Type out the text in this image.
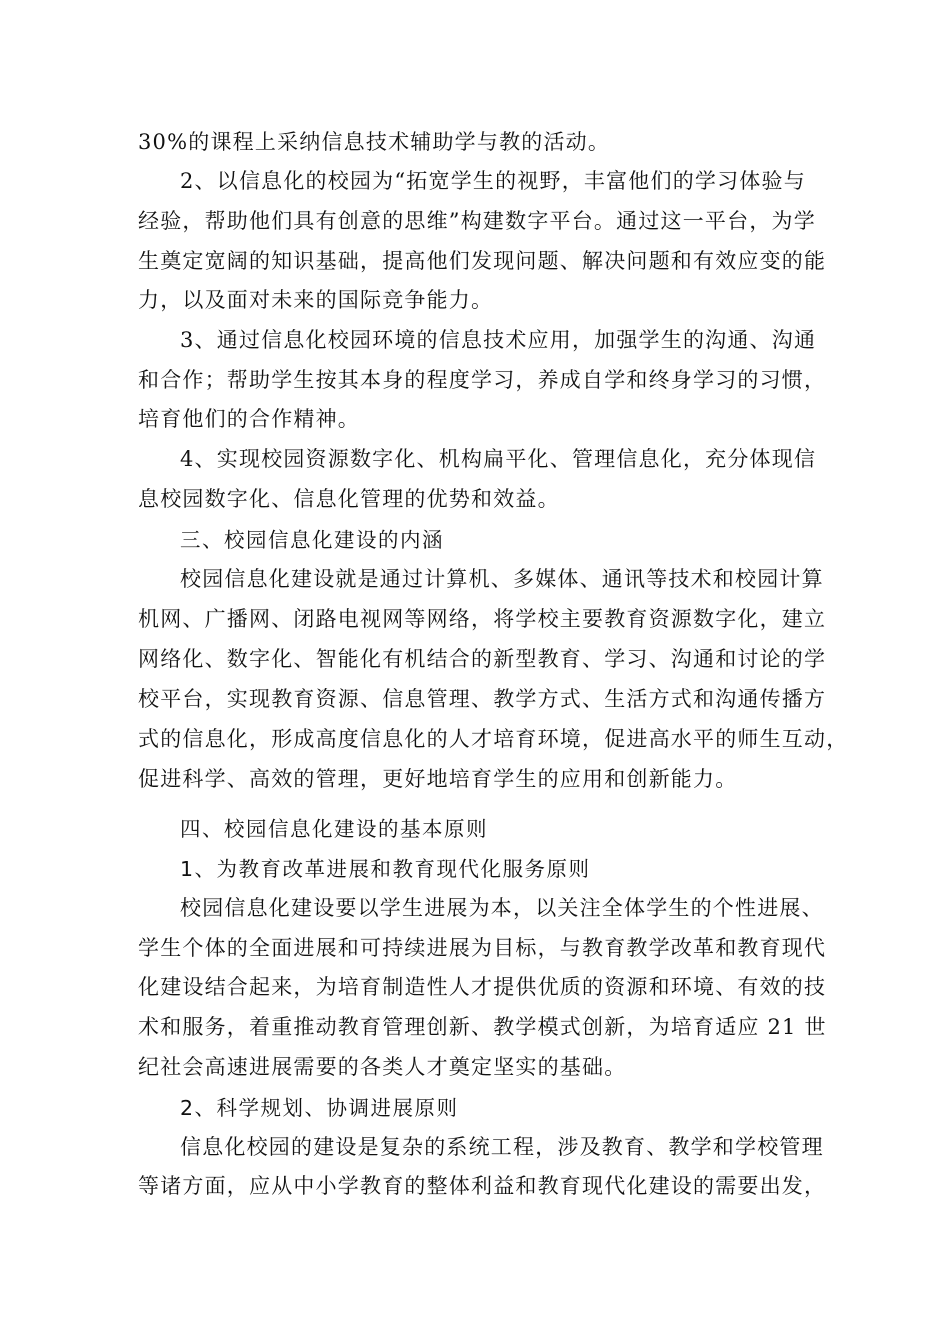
30%的课程上采纳信息技术辅助学与教的活动。
2、以信息化的校园为“拓宽学生的视野，丰富他们的学习体验与
经验，帮助他们具有创意的思维”构建数字平台。通过这一平台，为学
生奠定宽阔的知识基础，提高他们发现问题、解决问题和有效应变的能
力，以及面对未来的国际竞争能力。
3、通过信息化校园环境的信息技术应用，加强学生的沟通、沟通
和合作；帮助学生按其本身的程度学习，养成自学和终身学习的习惯，
培育他们的合作精神。
4、实现校园资源数字化、机构扁平化、管理信息化，充分体现信
息校园数字化、信息化管理的优势和效益。
三、校园信息化建设的内涵
校园信息化建设就是通过计算机、多媒体、通讯等技术和校园计算
机网、广播网、闭路电视网等网络，将学校主要教育资源数字化，建立
网络化、数字化、智能化有机结合的新型教育、学习、沟通和讨论的学
校平台，实现教育资源、信息管理、教学方式、生活方式和沟通传播方
式的信息化，形成高度信息化的人才培育环境，促进高水平的师生互动，
促进科学、高效的管理，更好地培育学生的应用和创新能力。
四、校园信息化建设的基本原则
1、为教育改革进展和教育现代化服务原则
校园信息化建设要以学生进展为本，以关注全体学生的个性进展、
学生个体的全面进展和可持续进展为目标，与教育教学改革和教育现代
化建设结合起来，为培育制造性人才提供优质的资源和环境、有效的技
术和服务，着重推动教育管理创新、教学模式创新，为培育适应 21 世
纪社会高速进展需要的各类人才奠定坚实的基础。
2、科学规划、协调进展原则
信息化校园的建设是复杂的系统工程，涉及教育、教学和学校管理
等诸方面，应从中小学教育的整体利益和教育现代化建设的需要出发，
